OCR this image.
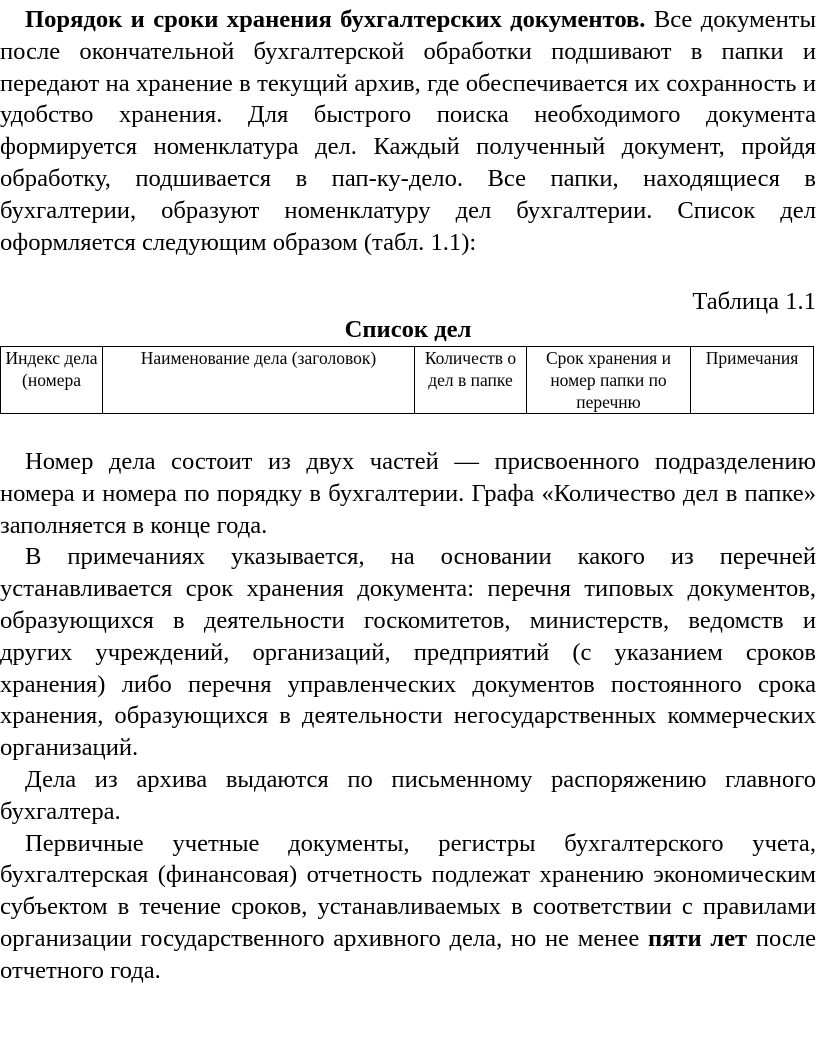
Порядок и сроки хранения бухгалтерских документов. Все документы после окончательной бухгалтерской обработки подшивают в папки и передают на хранение в текущий архив, где обеспечивается их сохранность и удобство хранения. Для быстрого поиска необходимого документа формируется номенклатура дел. Каждый полученный документ, пройдя обработку, подшивается в пап-ку-дело. Все папки, находящиеся в бухгалтерии, образуют номенклатуру дел бухгалтерии. Список дел оформляется следующим образом (табл. 1.1):

Таблица 1.1
Список дел
Индекс дела (номера	Наименование дела (заголовок)	Количеств о дел в папке	Срок хранения и номер папки по перечню	Примечания

Номер дела состоит из двух частей — присвоенного подразделению номера и номера по порядку в бухгалтерии. Графа «Количество дел в папке» заполняется в конце года.

В примечаниях указывается, на основании какого из перечней устанавливается срок хранения документа: перечня типовых документов, образующихся в деятельности госкомитетов, министерств, ведомств и других учреждений, организаций, предприятий (с указанием сроков хранения) либо перечня управленческих документов постоянного срока хранения, образующихся в деятельности негосударственных коммерческих организаций.

Дела из архива выдаются по письменному распоряжению главного бухгалтера.

Первичные учетные документы, регистры бухгалтерского учета, бухгалтерская (финансовая) отчетность подлежат хранению экономическим субъектом в течение сроков, устанавливаемых в соответствии с правилами организации государственного архивного дела, но не менее пяти лет после отчетного года.
